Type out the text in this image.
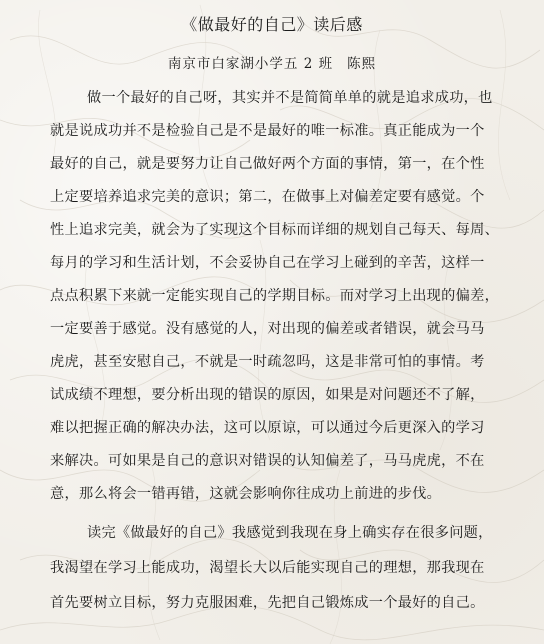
《做最好的自己》读后感
南京市白家湖小学五 2 班 陈熙
做一个最好的自己呀，其实并不是简简单单的就是追求成功，也
就是说成功并不是检验自己是不是最好的唯一标准。真正能成为一个
最好的自己，就是要努力让自己做好两个方面的事情，第一，在个性
上定要培养追求完美的意识；第二，在做事上对偏差定要有感觉。个
性上追求完美，就会为了实现这个目标而详细的规划自己每天、每周、
每月的学习和生活计划，不会妥协自己在学习上碰到的辛苦，这样一
点点积累下来就一定能实现自己的学期目标。而对学习上出现的偏差，
一定要善于感觉。没有感觉的人，对出现的偏差或者错误，就会马马
虎虎，甚至安慰自己，不就是一时疏忽吗，这是非常可怕的事情。考
试成绩不理想，要分析出现的错误的原因，如果是对问题还不了解，
难以把握正确的解决办法，这可以原谅，可以通过今后更深入的学习
来解决。可如果是自己的意识对错误的认知偏差了，马马虎虎，不在
意，那么将会一错再错，这就会影响你往成功上前进的步伐。
读完《做最好的自己》我感觉到我现在身上确实存在很多问题，
我渴望在学习上能成功，渴望长大以后能实现自己的理想，那我现在
首先要树立目标，努力克服困难，先把自己锻炼成一个最好的自己。
